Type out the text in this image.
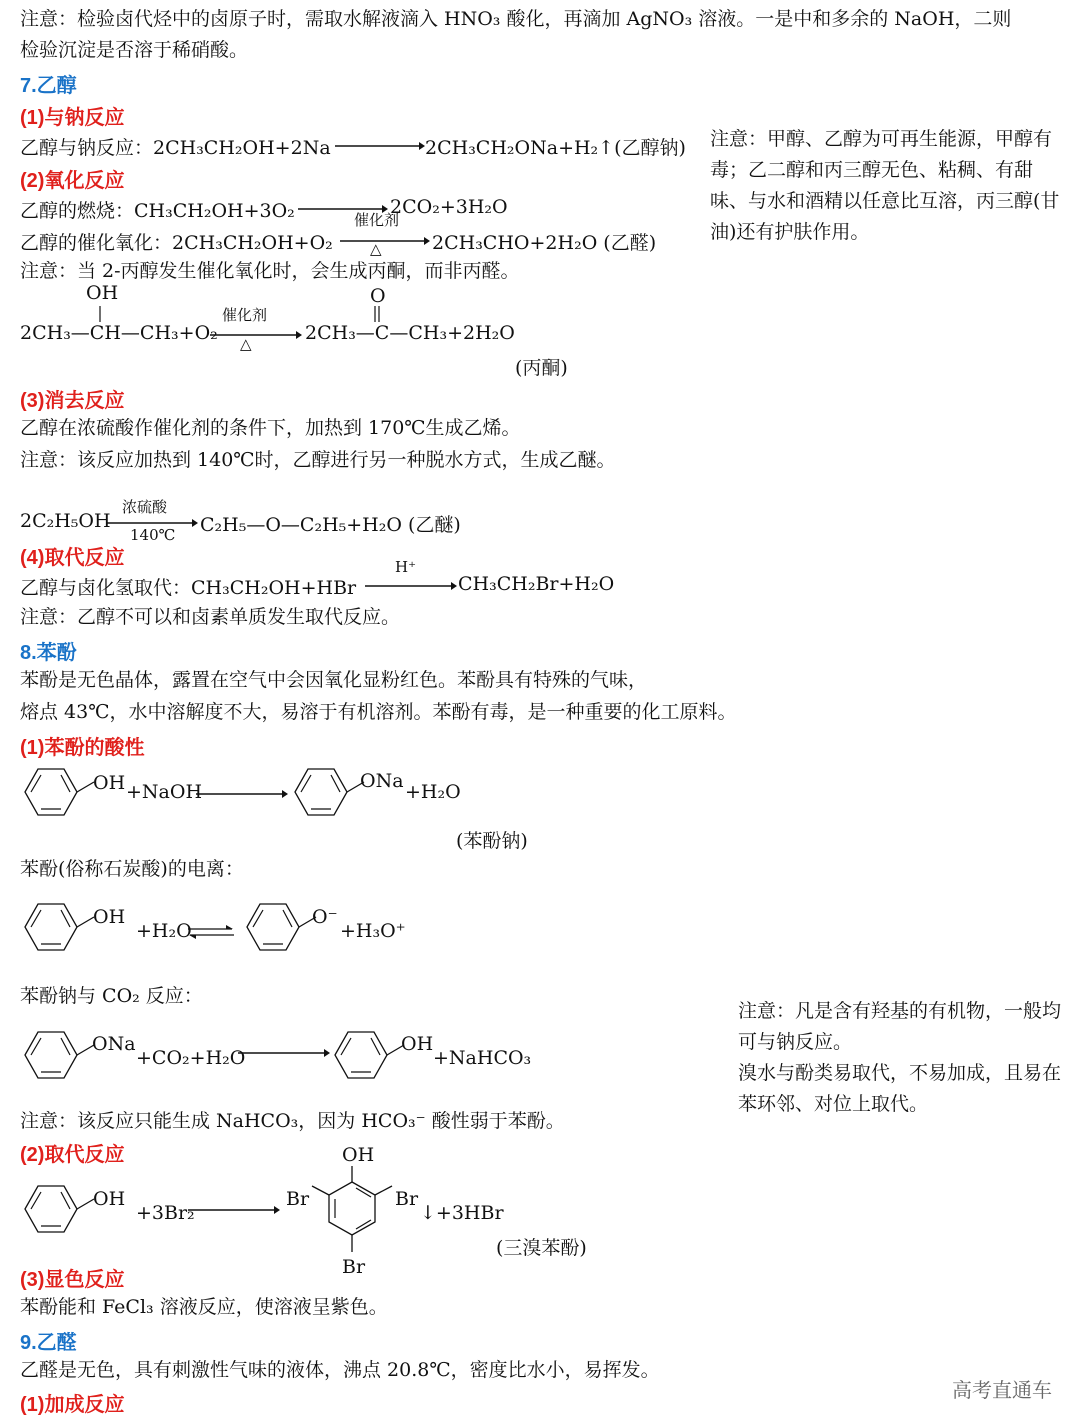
注意：检验卤代烃中的卤原子时，需取水解液滴入 HNO₃ 酸化，再滴加 AgNO₃ 溶液。一是中和多余的 NaOH，二则
检验沉淀是否溶于稀硝酸。
7.乙醇
(1)与钠反应
乙醇与钠反应：2CH₃CH₂OH+2Na	2CH₃CH₂ONa+H₂↑(乙醇钠)
(2)氧化反应
乙醇的燃烧：CH₃CH₂OH+3O₂	2CO₂+3H₂O
乙醇的催化氧化：2CH₃CH₂OH+O₂
催化剂
△	2CH₃CHO+2H₂O (乙醛)
注意：当 2-丙醇发生催化氧化时，会生成丙酮，而非丙醛。
OH
2CH₃—CH—CH₃+O₂
催化剂
△
O
2CH₃—C—CH₃+2H₂O
(丙酮)
注意：甲醇、乙醇为可再生能源，甲醇有毒；乙二醇和丙三醇无色、粘稠、有甜味、与水和酒精以任意比互溶，丙三醇(甘油)还有护肤作用。
(3)消去反应
乙醇在浓硫酸作催化剂的条件下，加热到 170℃生成乙烯。
注意：该反应加热到 140℃时，乙醇进行另一种脱水方式，生成乙醚。
2C₂H₅OH
浓硫酸
140℃ C₂H₅—O—C₂H₅+H₂O (乙醚)
(4)取代反应
乙醇与卤化氢取代：CH₃CH₂OH+HBr
H⁺
CH₃CH₂Br+H₂O
注意：乙醇不可以和卤素单质发生取代反应。
8.苯酚
苯酚是无色晶体，露置在空气中会因氧化显粉红色。苯酚具有特殊的气味，
熔点 43℃，水中溶解度不大，易溶于有机溶剂。苯酚有毒，是一种重要的化工原料。
(1)苯酚的酸性
OH +NaOH	ONa +H₂O
(苯酚钠)
苯酚(俗称石炭酸)的电离：
OH
+H₂O
O⁻
+H₃O⁺
苯酚钠与 CO₂ 反应：
ONa
+CO₂+H₂O
OH
+NaHCO₃
注意：该反应只能生成 NaHCO₃，因为 HCO₃⁻ 酸性弱于苯酚。
注意：凡是含有羟基的有机物，一般均可与钠反应。
溴水与酚类易取代，不易加成，且易在苯环邻、对位上取代。
(2)取代反应
OH
+3Br₂
OH
Br	Br
Br
↓+3HBr
(三溴苯酚)
(3)显色反应
苯酚能和 FeCl₃ 溶液反应，使溶液呈紫色。
9.乙醛
乙醛是无色，具有刺激性气味的液体，沸点 20.8℃，密度比水小，易挥发。
(1)加成反应
高考直通车
